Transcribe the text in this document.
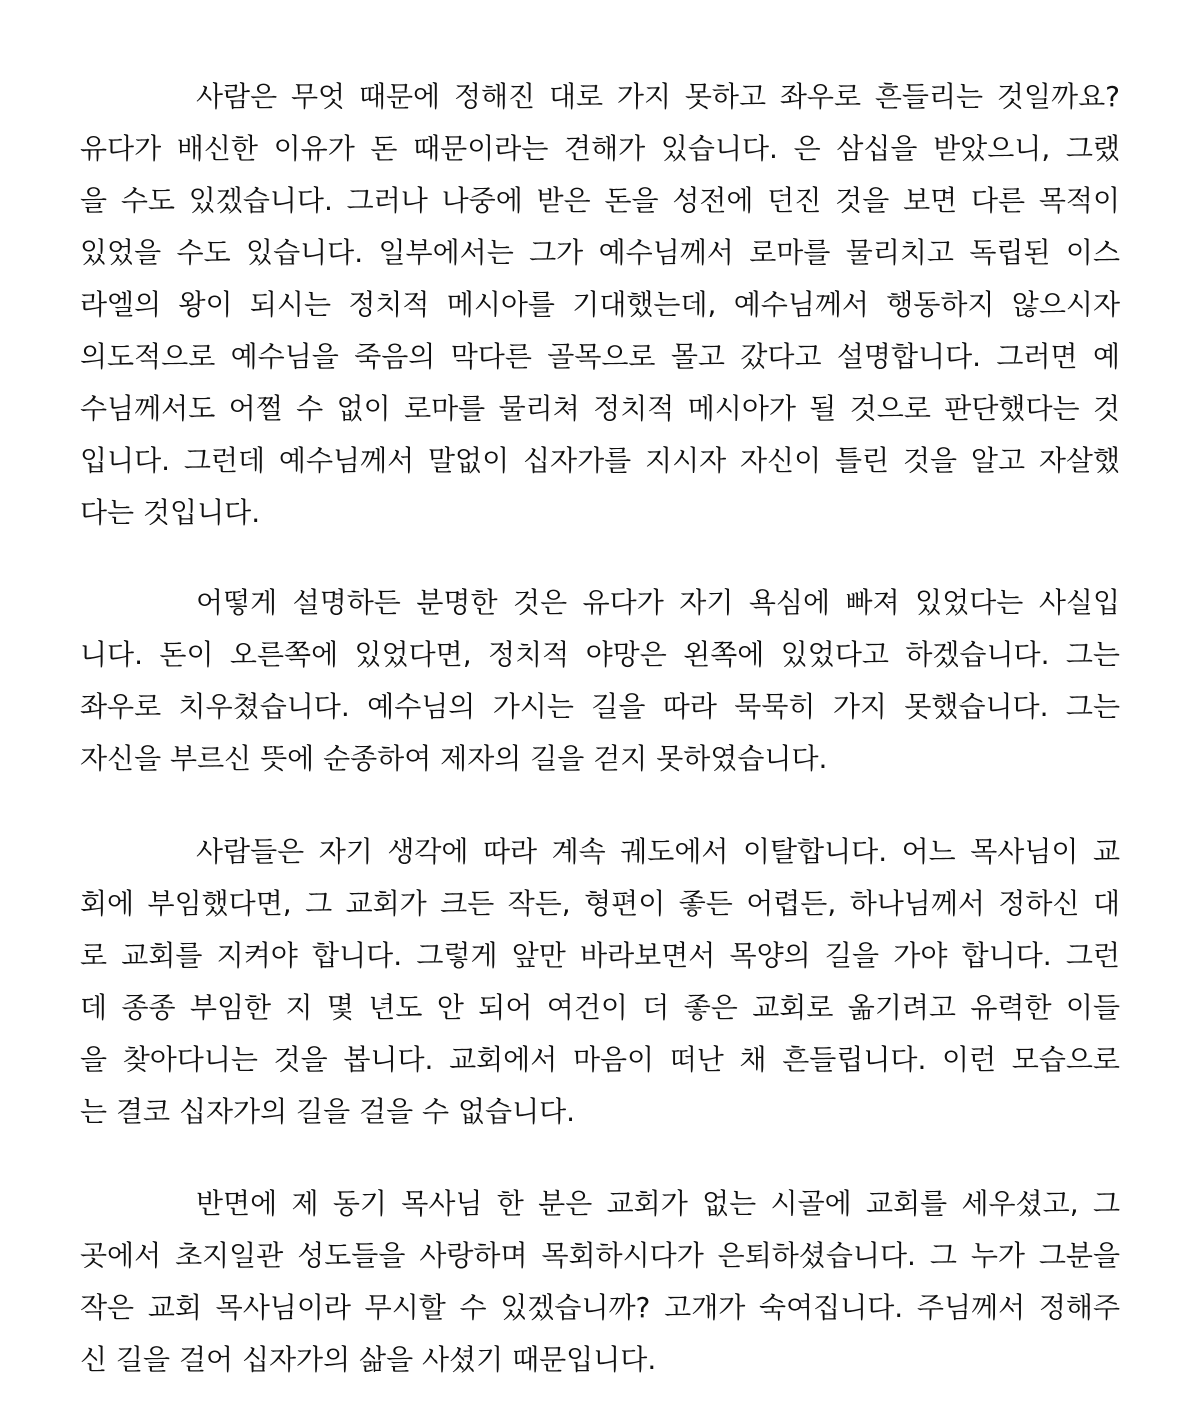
사람은 무엇 때문에 정해진 대로 가지 못하고 좌우로 흔들리는 것일까요?
유다가 배신한 이유가 돈 때문이라는 견해가 있습니다. 은 삼십을 받았으니, 그랬
을 수도 있겠습니다. 그러나 나중에 받은 돈을 성전에 던진 것을 보면 다른 목적이
있었을 수도 있습니다. 일부에서는 그가 예수님께서 로마를 물리치고 독립된 이스
라엘의 왕이 되시는 정치적 메시아를 기대했는데, 예수님께서 행동하지 않으시자
의도적으로 예수님을 죽음의 막다른 골목으로 몰고 갔다고 설명합니다. 그러면 예
수님께서도 어쩔 수 없이 로마를 물리쳐 정치적 메시아가 될 것으로 판단했다는 것
입니다. 그런데 예수님께서 말없이 십자가를 지시자 자신이 틀린 것을 알고 자살했
다는 것입니다.
어떻게 설명하든 분명한 것은 유다가 자기 욕심에 빠져 있었다는 사실입
니다. 돈이 오른쪽에 있었다면, 정치적 야망은 왼쪽에 있었다고 하겠습니다. 그는
좌우로 치우쳤습니다. 예수님의 가시는 길을 따라 묵묵히 가지 못했습니다. 그는
자신을 부르신 뜻에 순종하여 제자의 길을 걷지 못하였습니다.
사람들은 자기 생각에 따라 계속 궤도에서 이탈합니다. 어느 목사님이 교
회에 부임했다면, 그 교회가 크든 작든, 형편이 좋든 어렵든, 하나님께서 정하신 대
로 교회를 지켜야 합니다. 그렇게 앞만 바라보면서 목양의 길을 가야 합니다. 그런
데 종종 부임한 지 몇 년도 안 되어 여건이 더 좋은 교회로 옮기려고 유력한 이들
을 찾아다니는 것을 봅니다. 교회에서 마음이 떠난 채 흔들립니다. 이런 모습으로
는 결코 십자가의 길을 걸을 수 없습니다.
반면에 제 동기 목사님 한 분은 교회가 없는 시골에 교회를 세우셨고, 그
곳에서 초지일관 성도들을 사랑하며 목회하시다가 은퇴하셨습니다. 그 누가 그분을
작은 교회 목사님이라 무시할 수 있겠습니까? 고개가 숙여집니다. 주님께서 정해주
신 길을 걸어 십자가의 삶을 사셨기 때문입니다.
